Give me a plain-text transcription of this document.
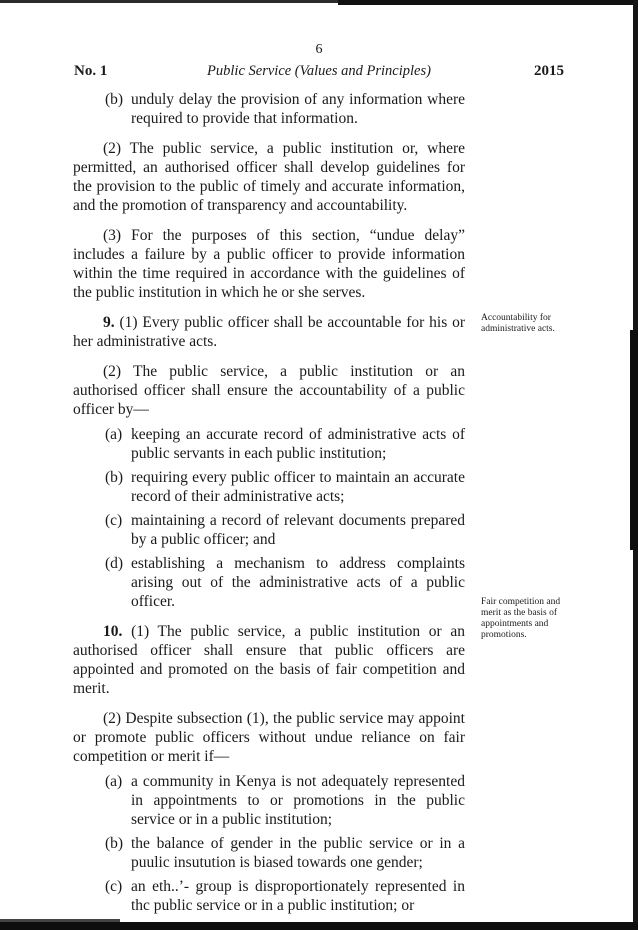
6
No. 1	Public Service (Values and Principles)	2015
(b) unduly delay the provision of any information where required to provide that information.

(2) The public service, a public institution or, where permitted, an authorised officer shall develop guidelines for the provision to the public of timely and accurate information, and the promotion of transparency and accountability.

(3) For the purposes of this section, “undue delay” includes a failure by a public officer to provide information within the time required in accordance with the guidelines of the public institution in which he or she serves.

9. (1) Every public officer shall be accountable for his or her administrative acts.

(2) The public service, a public institution or an authorised officer shall ensure the accountability of a public officer by—

(a) keeping an accurate record of administrative acts of public servants in each public institution;
(b) requiring every public officer to maintain an accurate record of their administrative acts;
(c) maintaining a record of relevant documents prepared by a public officer; and
(d) establishing a mechanism to address complaints arising out of the administrative acts of a public officer.

10. (1) The public service, a public institution or an authorised officer shall ensure that public officers are appointed and promoted on the basis of fair competition and merit.

(2) Despite subsection (1), the public service may appoint or promote public officers without undue reliance on fair competition or merit if—

(a) a community in Kenya is not adequately represented in appointments to or promotions in the public service or in a public institution;
(b) the balance of gender in the public service or in a puulic insutution is biased towards one gender;
(c) an eth..’- group is disproportionately represented in thc public service or in a public institution; or
Accountability for administrative acts.
Fair competition and merit as the basis of appointments and promotions.
